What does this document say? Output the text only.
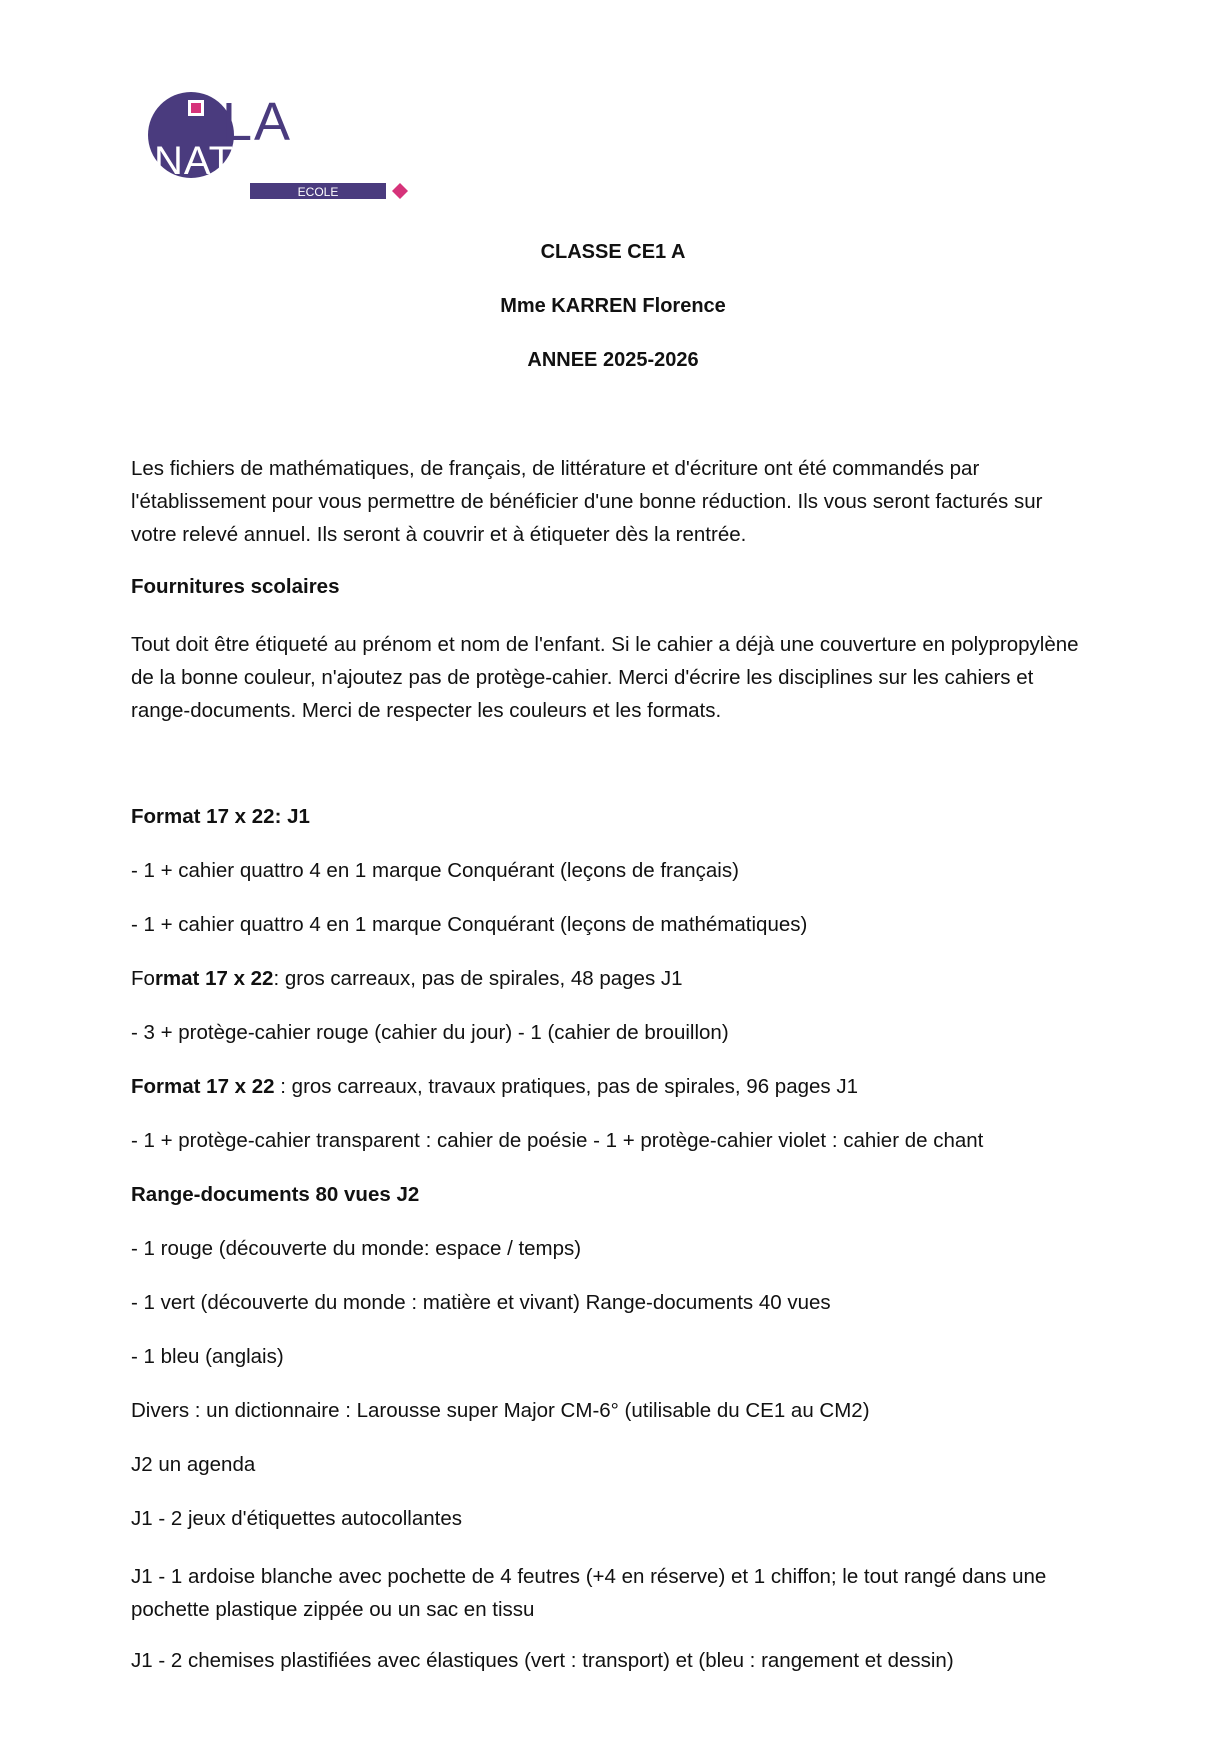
LA
NATIVITÉ
ECOLE

CLASSE CE1 A

Mme KARREN Florence

ANNEE 2025-2026

Les fichiers de mathématiques, de français, de littérature et d'écriture ont été commandés par l'établissement pour vous permettre de bénéficier d'une bonne réduction. Ils vous seront facturés sur votre relevé annuel. Ils seront à couvrir et à étiqueter dès la rentrée.

Fournitures scolaires

Tout doit être étiqueté au prénom et nom de l'enfant. Si le cahier a déjà une couverture en polypropylène de la bonne couleur, n'ajoutez pas de protège-cahier. Merci d'écrire les disciplines sur les cahiers et range-documents. Merci de respecter les couleurs et les formats.

Format 17 x 22: J1

- 1 + cahier quattro 4 en 1 marque Conquérant (leçons de français)

- 1 + cahier quattro 4 en 1 marque Conquérant (leçons de mathématiques)

Format 17 x 22: gros carreaux, pas de spirales, 48 pages J1

- 3 + protège-cahier rouge (cahier du jour) - 1 (cahier de brouillon)

Format 17 x 22 : gros carreaux, travaux pratiques, pas de spirales, 96 pages J1

- 1 + protège-cahier transparent : cahier de poésie - 1 + protège-cahier violet : cahier de chant

Range-documents 80 vues J2

- 1 rouge (découverte du monde: espace / temps)

- 1 vert (découverte du monde : matière et vivant) Range-documents 40 vues

- 1 bleu (anglais)

Divers : un dictionnaire : Larousse super Major CM-6° (utilisable du CE1 au CM2)

J2 un agenda

J1 - 2 jeux d'étiquettes autocollantes

J1 - 1 ardoise blanche avec pochette de 4 feutres (+4 en réserve) et 1 chiffon; le tout rangé dans une pochette plastique zippée ou un sac en tissu

J1 - 2 chemises plastifiées avec élastiques (vert : transport) et (bleu : rangement et dessin)
